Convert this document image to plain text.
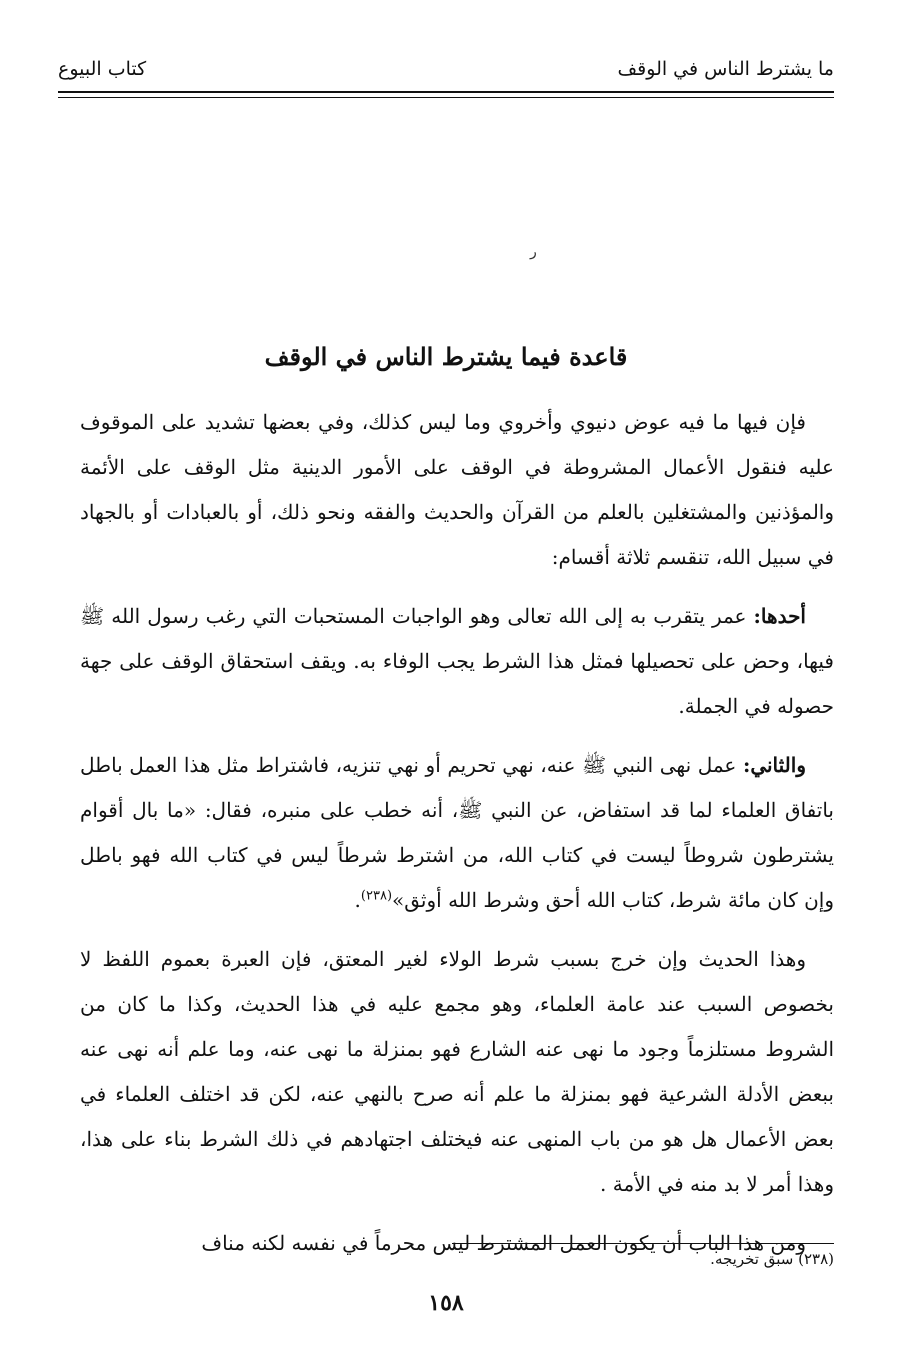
ما يشترط الناس في الوقف
كتاب البيوع
ر
قاعدة فيما يشترط الناس في الوقف

فإن فيها ما فيه عوض دنيوي وأخروي وما ليس كذلك، وفي بعضها تشديد على الموقوف عليه فنقول الأعمال المشروطة في الوقف على الأمور الدينية مثل الوقف على الأئمة والمؤذنين والمشتغلين بالعلم من القرآن والحديث والفقه ونحو ذلك، أو بالعبادات أو بالجهاد في سبيل الله، تنقسم ثلاثة أقسام:

أحدها: عمر يتقرب به إلى الله تعالى وهو الواجبات المستحبات التي رغب رسول الله ﷺ فيها، وحض على تحصيلها فمثل هذا الشرط يجب الوفاء به. ويقف استحقاق الوقف على جهة حصوله في الجملة.

والثاني: عمل نهى النبي ﷺ عنه، نهي تحريم أو نهي تنزيه، فاشتراط مثل هذا العمل باطل باتفاق العلماء لما قد استفاض، عن النبي ﷺ، أنه خطب على منبره، فقال: «ما بال أقوام يشترطون شروطاً ليست في كتاب الله، من اشترط شرطاً ليس في كتاب الله فهو باطل وإن كان مائة شرط، كتاب الله أحق وشرط الله أوثق»$^{(٢٣٨)}$.

وهذا الحديث وإن خرج بسبب شرط الولاء لغير المعتق، فإن العبرة بعموم اللفظ لا بخصوص السبب عند عامة العلماء، وهو مجمع عليه في هذا الحديث، وكذا ما كان من الشروط مستلزماً وجود ما نهى عنه الشارع فهو بمنزلة ما نهى عنه، وما علم أنه نهى عنه ببعض الأدلة الشرعية فهو بمنزلة ما علم أنه صرح بالنهي عنه، لكن قد اختلف العلماء في بعض الأعمال هل هو من باب المنهى عنه فيختلف اجتهادهم في ذلك الشرط بناء على هذا، وهذا أمر لا بد منه في الأمة .

ومن هذا الباب أن يكون العمل المشترط ليس محرماً في نفسه لكنه مناف

(٢٣٨) سبق تخريجه.
١٥٨
